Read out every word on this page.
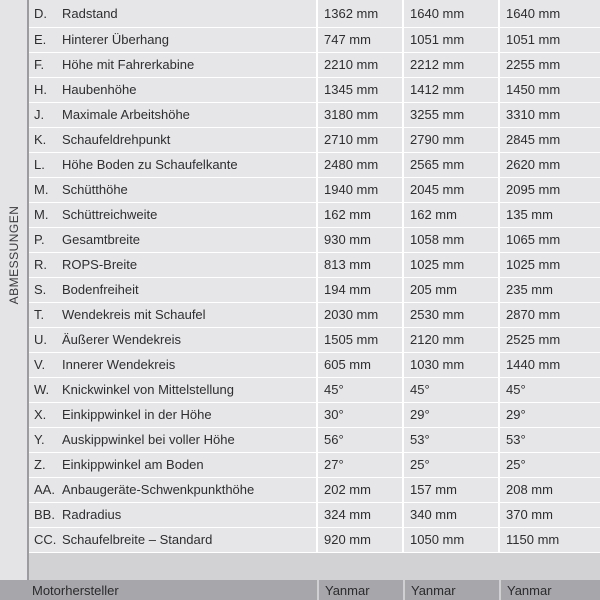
ABMESSUNGEN
D. Radstand	1362 mm	1640 mm	1640 mm
E. Hinterer Überhang	747 mm	1051 mm	1051 mm
F. Höhe mit Fahrerkabine	2210 mm	2212 mm	2255 mm
H. Haubenhöhe	1345 mm	1412 mm	1450 mm
J. Maximale Arbeitshöhe	3180 mm	3255 mm	3310 mm
K. Schaufeldrehpunkt	2710 mm	2790 mm	2845 mm
L. Höhe Boden zu Schaufelkante	2480 mm	2565 mm	2620 mm
M. Schütthöhe	1940 mm	2045 mm	2095 mm
M. Schüttreichweite	162 mm	162 mm	135 mm
P. Gesamtbreite	930 mm	1058 mm	1065 mm
R. ROPS-Breite	813 mm	1025 mm	1025 mm
S. Bodenfreiheit	194 mm	205 mm	235 mm
T. Wendekreis mit Schaufel	2030 mm	2530 mm	2870 mm
U. Äußerer Wendekreis	1505 mm	2120 mm	2525 mm
V. Innerer Wendekreis	605 mm	1030 mm	1440 mm
W. Knickwinkel von Mittelstellung	45°	45°	45°
X. Einkippwinkel in der Höhe	30°	29°	29°
Y. Auskippwinkel bei voller Höhe	56°	53°	53°
Z. Einkippwinkel am Boden	27°	25°	25°
AA. Anbaugeräte-Schwenkpunkthöhe	202 mm	157 mm	208 mm
BB. Radradius	324 mm	340 mm	370 mm
CC. Schaufelbreite – Standard	920 mm	1050 mm	1150 mm
Motorhersteller	Yanmar	Yanmar	Yanmar
